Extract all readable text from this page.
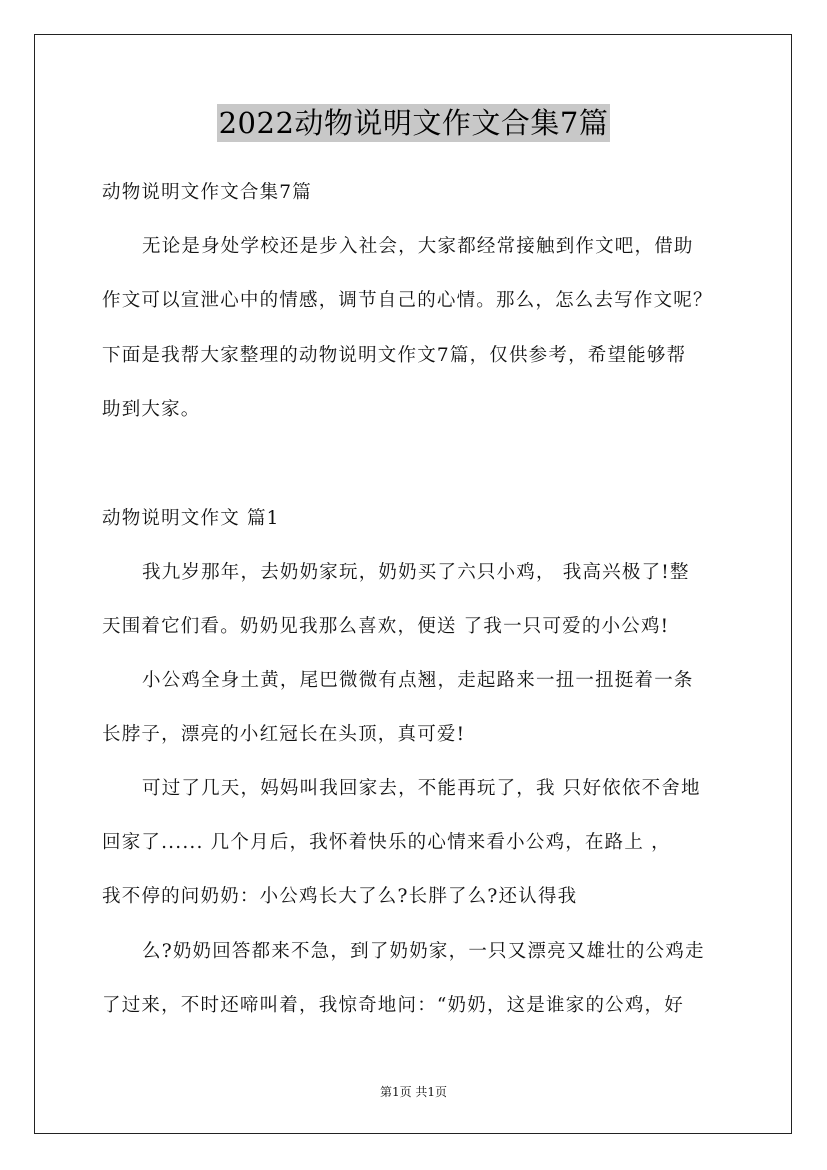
2022动物说明文作文合集7篇
动物说明文作文合集7篇
无论是身处学校还是步入社会，大家都经常接触到作文吧，借助
作文可以宣泄心中的情感，调节自己的心情。那么，怎么去写作文呢？
下面是我帮大家整理的动物说明文作文7篇，仅供参考，希望能够帮
助到大家。
动物说明文作文 篇1
我九岁那年，去奶奶家玩，奶奶买了六只小鸡， 我高兴极了!整
天围着它们看。奶奶见我那么喜欢，便送 了我一只可爱的小公鸡!
小公鸡全身土黄，尾巴微微有点翘，走起路来一扭一扭挺着一条
长脖子，漂亮的小红冠长在头顶，真可爱!
可过了几天，妈妈叫我回家去，不能再玩了，我 只好依依不舍地
回家了...... 几个月后，我怀着快乐的心情来看小公鸡，在路上 ，
我不停的问奶奶：小公鸡长大了么?长胖了么?还认得我
么?奶奶回答都来不急，到了奶奶家，一只又漂亮又雄壮的公鸡走
了过来，不时还啼叫着，我惊奇地问：“奶奶，这是谁家的公鸡，好
第1页 共1页
